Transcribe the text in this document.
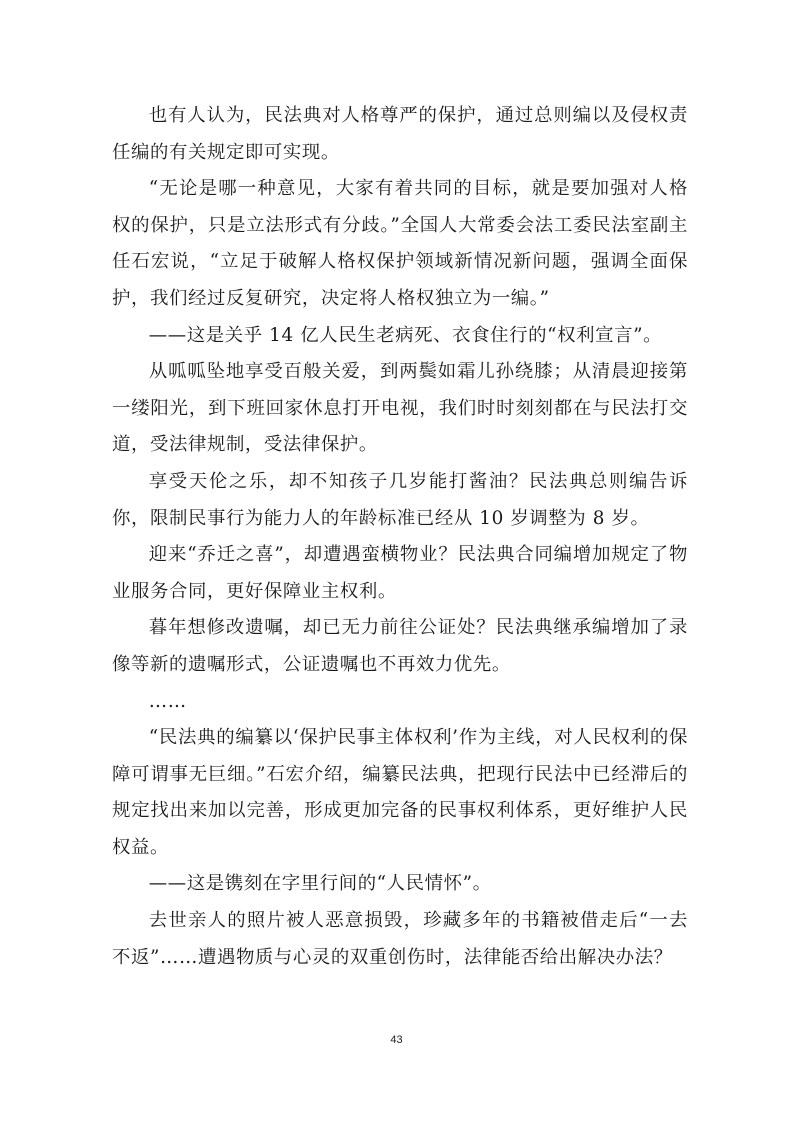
也有人认为，民法典对人格尊严的保护，通过总则编以及侵权责任编的有关规定即可实现。

“无论是哪一种意见，大家有着共同的目标，就是要加强对人格权的保护，只是立法形式有分歧。”全国人大常委会法工委民法室副主任石宏说，“立足于破解人格权保护领域新情况新问题，强调全面保护，我们经过反复研究，决定将人格权独立为一编。”

——这是关乎 14 亿人民生老病死、衣食住行的“权利宣言”。

从呱呱坠地享受百般关爱，到两鬓如霜儿孙绕膝；从清晨迎接第一缕阳光，到下班回家休息打开电视，我们时时刻刻都在与民法打交道，受法律规制，受法律保护。

享受天伦之乐，却不知孩子几岁能打酱油？民法典总则编告诉你，限制民事行为能力人的年龄标准已经从 10 岁调整为 8 岁。

迎来“乔迁之喜”，却遭遇蛮横物业？民法典合同编增加规定了物业服务合同，更好保障业主权利。

暮年想修改遗嘱，却已无力前往公证处？民法典继承编增加了录像等新的遗嘱形式，公证遗嘱也不再效力优先。

……

“民法典的编纂以‘保护民事主体权利’作为主线，对人民权利的保障可谓事无巨细。”石宏介绍，编纂民法典，把现行民法中已经滞后的规定找出来加以完善，形成更加完备的民事权利体系，更好维护人民权益。

——这是镌刻在字里行间的“人民情怀”。

去世亲人的照片被人恶意损毁，珍藏多年的书籍被借走后“一去不返”……遭遇物质与心灵的双重创伤时，法律能否给出解决办法？

43
